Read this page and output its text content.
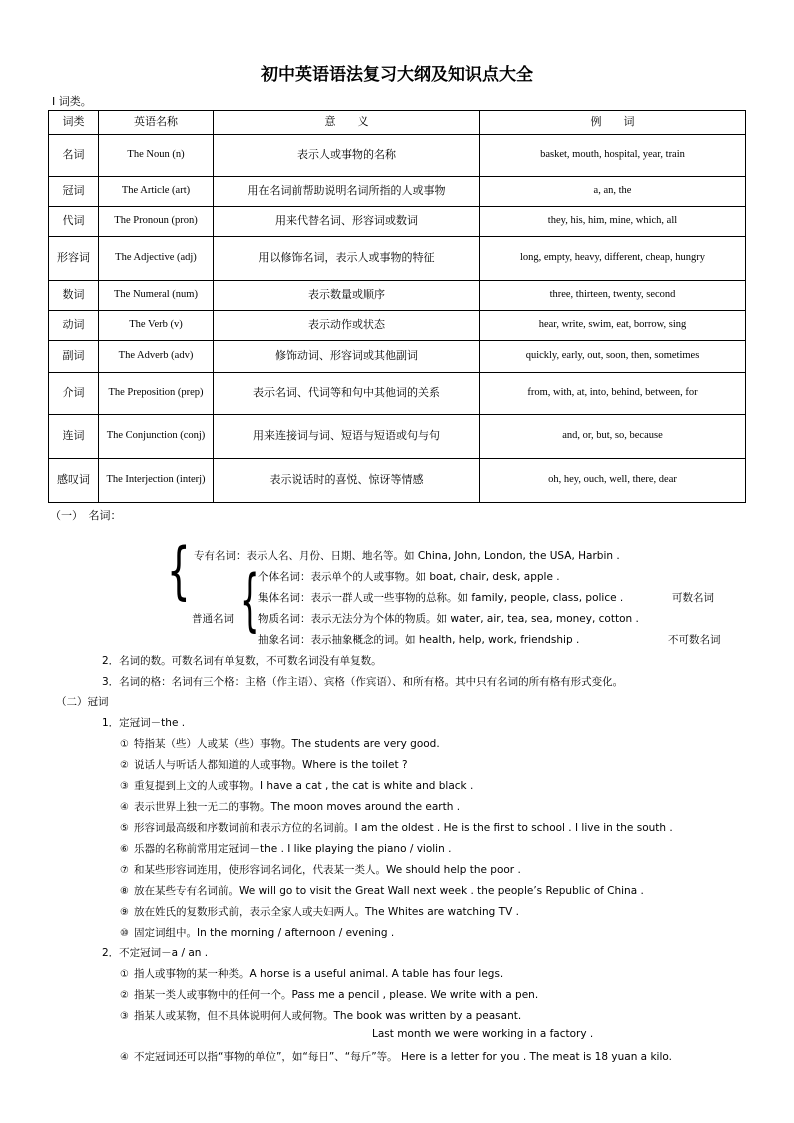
初中英语语法复习大纲及知识点大全
Ⅰ 词类。
词类	英语名称	意　　义	例　　词
名词	The Noun (n)	表示人或事物的名称	basket, mouth, hospital, year, train
冠词	The Article (art)	用在名词前帮助说明名词所指的人或事物	a, an, the
代词	The Pronoun (pron)	用来代替名词、形容词或数词	they, his, him, mine, which, all
形容词	The Adjective (adj)	用以修饰名词，表示人或事物的特征	long, empty, heavy, different, cheap, hungry
数词	The Numeral (num)	表示数量或顺序	three, thirteen, twenty, second
动词	The Verb (v)	表示动作或状态	hear, write, swim, eat, borrow, sing
副词	The Adverb (adv)	修饰动词、形容词或其他副词	quickly, early, out, soon, then, sometimes
介词	The Preposition (prep)	表示名词、代词等和句中其他词的关系	from, with, at, into, behind, between, for
连词	The Conjunction (conj)	用来连接词与词、短语与短语或句与句	and, or, but, so, because
感叹词	The Interjection (interj)	表示说话时的喜悦、惊讶等情感	oh, hey, ouch, well, there, dear
（一）　名词：
{ 专有名词：表示人名、月份、日期、地名等。如 China, John, London, the USA, Harbin .
普通名词 {
个体名词：表示单个的人或事物。如 boat, chair, desk, apple .
集体名词：表示一群人或一些事物的总称。如 family, people, class, police .
物质名词：表示无法分为个体的物质。如 water, air, tea, sea, money, cotton .
抽象名词：表示抽象概念的词。如 health, help, work, friendship .
可数名词
不可数名词
2．名词的数。可数名词有单复数，不可数名词没有单复数。
3．名词的格：名词有三个格：主格（作主语）、宾格（作宾语）、和所有格。其中只有名词的所有格有形式变化。
（二）冠词
1．定冠词－the .
① 特指某（些）人或某（些）事物。The students are very good.
② 说话人与听话人都知道的人或事物。Where is the toilet ?
③ 重复提到上文的人或事物。I have a cat , the cat is white and black .
④ 表示世界上独一无二的事物。The moon moves around the earth .
⑤ 形容词最高级和序数词前和表示方位的名词前。I am the oldest . He is the first to school . I live in the south .
⑥ 乐器的名称前常用定冠词－the . I like playing the piano / violin .
⑦ 和某些形容词连用，使形容词名词化，代表某一类人。We should help the poor .
⑧ 放在某些专有名词前。We will go to visit the Great Wall next week . the people’s Republic of China .
⑨ 放在姓氏的复数形式前，表示全家人或夫妇两人。The Whites are watching TV .
⑩ 固定词组中。In the morning / afternoon / evening .
2．不定冠词－a / an .
① 指人或事物的某一种类。A horse is a useful animal. A table has four legs.
② 指某一类人或事物中的任何一个。Pass me a pencil , please. We write with a pen.
③ 指某人或某物，但不具体说明何人或何物。The book was written by a peasant.
Last month we were working in a factory .
④ 不定冠词还可以指“事物的单位”，如“每日”、“每斤”等。 Here is a letter for you . The meat is 18 yuan a kilo.
